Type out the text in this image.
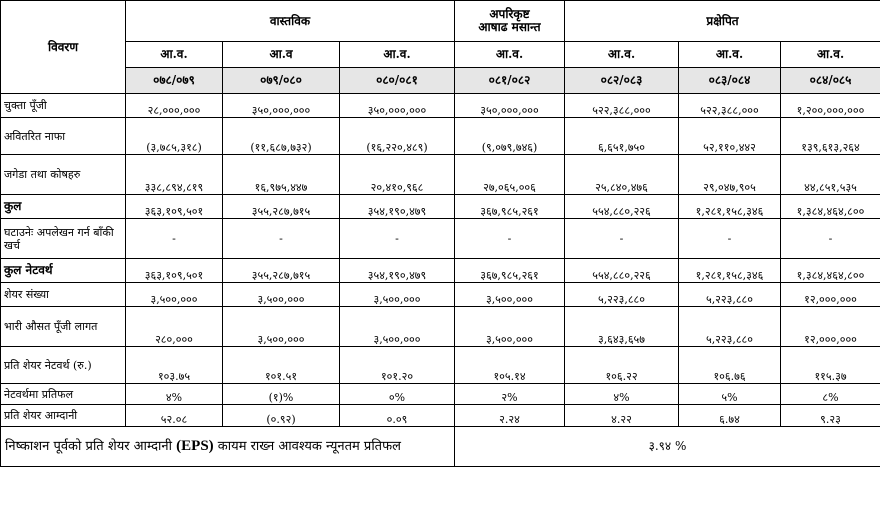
विवरण	वास्तविक			अपरिकृष्ट
आषाढ मसान्त	प्रक्षेपित		
	आ.व.	आ.व	आ.व.	आ.व.	आ.व.	आ.व.	आ.व.
	०७८/०७९	०७९/०८०	०८०/०८१	०८१/०८२	०८२/०८३	०८३/०८४	०८४/०८५
चुक्ता पूँजी	२८,०००,०००	३५०,०००,०००	३५०,०००,०००	३५०,०००,०००	५२२,३८८,०००	५२२,३८८,०००	१,२००,०००,०००
अवितरित नाफा	(३,७८५,३१८)	(११,६८७,७३२)	(१६,२२०,४८९)	(९,०७९,७४६)	६,६५१,७५०	५२,११०,४४२	१३९,६१३,२६४
जगेडा तथा कोषहरु	३३८,८९४,८१९	१६,९७५,४४७	२०,४१०,९६८	२७,०६५,००६	२५,८४०,४७६	२९,०४७,९०५	४४,८५१,५३५
कुल	३६३,१०९,५०१	३५५,२८७,७१५	३५४,१९०,४७९	३६७,९८५,२६१	५५४,८८०,२२६	१,२८१,१५८,३४६	१,३८४,४६४,८००
घटाउनेः अपलेखन गर्न बाँकी खर्च	-	-	-	-	-	-	-
कुल नेटवर्थ	३६३,१०९,५०१	३५५,२८७,७१५	३५४,१९०,४७९	३६७,९८५,२६१	५५४,८८०,२२६	१,२८१,१५८,३४६	१,३८४,४६४,८००
शेयर संख्या	३,५००,०००	३,५००,०००	३,५००,०००	३,५००,०००	५,२२३,८८०	५,२२३,८८०	१२,०००,०००
भारी औसत पूँजी लागत	२८०,०००	३,५००,०००	३,५००,०००	३,५००,०००	३,६४३,६५७	५,२२३,८८०	१२,०००,०००
प्रति शेयर नेटवर्थ (रु.)	१०३.७५	१०१.५१	१०१.२०	१०५.१४	१०६.२२	१०६.७६	११५.३७
नेटवर्थमा प्रतिफल	४%	(१)%	०%	२%	४%	५%	८%
प्रति शेयर आम्दानी	५२.०८	(०.९२)	०.०९	२.२४	४.२२	६.७४	९.२३
निष्काशन पूर्वको प्रति शेयर आम्दानी (EPS) कायम राख्न आवश्यक न्यूनतम प्रतिफल				३.९४ %			
